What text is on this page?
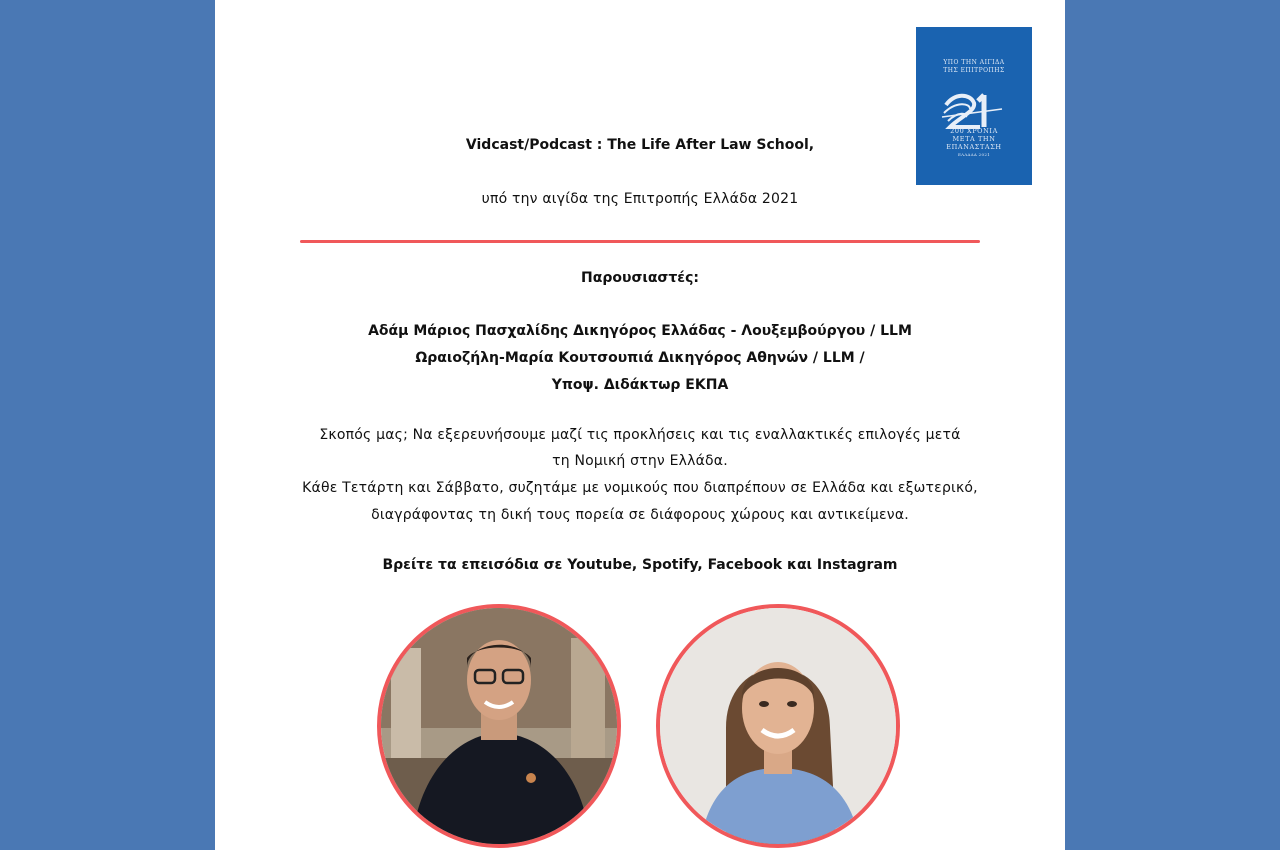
ΥΠΟ ΤΗΝ ΑΙΓΙΔΑ
ΤΗΣ ΕΠΙΤΡΟΠΗΣ
200 ΧΡΟΝΙΑ
ΜΕΤΑ ΤΗΝ
ΕΠΑΝΑΣΤΑΣΗ
ΕΛΛΑΔΑ 2021
Vidcast/Podcast : The Life After Law School,
υπό την αιγίδα της Επιτροπής Ελλάδα 2021
Παρουσιαστές:
Αδάμ Μάριος Πασχαλίδης Δικηγόρος Ελλάδας - Λουξεμβούργου / LLM
Ωραιοζήλη-Μαρία Κουτσουπιά Δικηγόρος Αθηνών / LLM /
Υποψ. Διδάκτωρ ΕΚΠΑ
Σκοπός μας; Να εξερευνήσουμε μαζί τις προκλήσεις και τις εναλλακτικές επιλογές μετά
τη Νομική στην Ελλάδα.
Κάθε Τετάρτη και Σάββατο, συζητάμε με νομικούς που διαπρέπουν σε Ελλάδα και εξωτερικό,
διαγράφοντας τη δική τους πορεία σε διάφορους χώρους και αντικείμενα.
Βρείτε τα επεισόδια σε Youtube, Spotify, Facebook και Instagram
